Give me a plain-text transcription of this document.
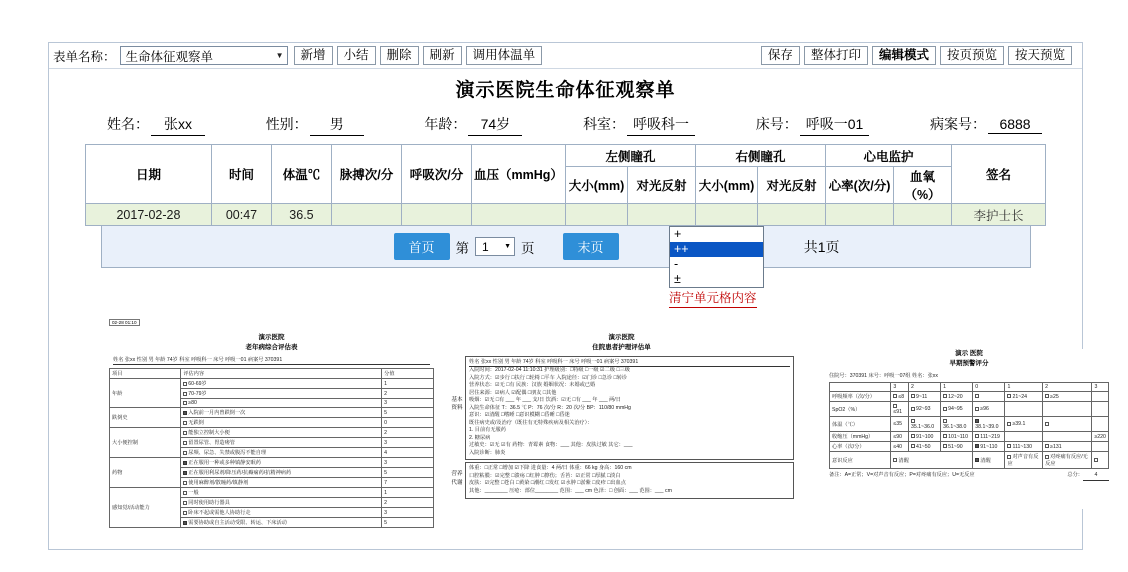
表单名称： 生命体征观察单	▼	新增	小结	删除	刷新	调用体温单	保存	整体打印	编辑模式	按页预览	按天预览
演示医院生命体征观察单
姓名：	张xx	性别：	男	年龄：	74岁	科室： 呼吸科一	床号： 呼吸一01	病案号： 6888
日期	时间	体温℃	脉搏次/分	呼吸次/分	血压（mmHg）	左侧瞳孔		右侧瞳孔		心电监护		签名
						大小(mm)	对光反射	大小(mm)	对光反射	心率(次/分)	血氧（%）	
2017-02-28	00:47	36.5										李护士长
首页	第 1 ▼ 页	末页	共1页
+
++
-
±
清宁单元格内容
02-28 01:10
演示医院
老年病综合评估表
姓名 张xx 性别 男 年龄 74岁 科室 呼吸科一 床号 呼吸一01 病案号 370391
项目	评估内容	分值
年龄	60-69岁	1
	70-79岁	2
	≥80	3
跌倒史	入院前一月内曾跌倒一次	5
	无跌倒	0
大小便控制	能独立控制大小便	2
	留置尿管、胃造瘘管	3
	尿频、尿急、失禁或腹泻不能自理	4
药物	正在服用一种或多种镇静安眠药	3
	正在服用利尿剂/降压药/抗癫痫药/抗精神病药	5
	使用麻醉剂/散瞳药/镇静剂	7
感知觉/活动能力	一般	1
	同时使用助行器具	2
	卧床不起或需他人协助行走	3
	需要协助或自主活动受限、转运、下床活动	5
演示医院
住院患者护理评估单
基本资料
姓名 张xx 性别 男 年龄 74岁 科室 呼吸科一 床号 呼吸一01 病案号 370391
入院时间：2017-02-04 11:10:31 护理级别：□特级 □一级 ☑二级 □三级
入院方式：☑步行 □扶行 □轮椅 □平车 入院途径：☑门诊 □急诊 □转诊
营养状态：☑无 □有 民族：汉族 婚姻状况：未婚或已婚
居住来源：☑病人 ☑配偶 □朋友 □其他
吸烟：☑无 □有 ___ 年 ___ 支/日 饮酒：☑无 □有 ___ 年 ___ 两/日
入院生命体征 T：36.5 ℃ P：76 次/分 R：20 次/分 BP：110/80 mmHg
意识：☑清醒 □嗜睡 □意识模糊 □昏睡 □昏迷
既往病史或/及治疗（既往有无特殊疾病及相关治疗）：
1. 目前有无服药
2. 糖尿病
过敏史：☑无 ☑有 药物：青霉素 食物：___ 其他：皮肤过敏 其它：___
入院诊断：肺炎
营养代谢
体重：□正常 □增加 ☑下降 进食量：4 两/日 体重：66 kg 身高：160 cm
口腔粘膜：☑完整 □溃疡 □红肿 □擦伤；舌苔：☑正常 □厚腻 □淡白
皮肤：☑完整 □苍白 □黄染 □潮红 □发红 ☑水肿 □淤紫 □皮疹 □出血点
其他：________ 压疮：部位________ 范围：___ cm 色泽：□ 创面：___ 范围：___ cm
演示 医院
早期预警评分
住院号：370391 床号：呼吸一07组 姓名：张xx
	3	2	1	0	1	2	3
呼吸频率（次/分）	≤8	9~11	12~20		21~24	≥25	
SpO2（%）	≤91	92~93	94~95	≥96			
体温（℃）	≤35	35.1~36.0	36.1~38.0	38.1~39.0	≥39.1		
收缩压（mmHg）	≤90	91~100	101~110	111~219			≥220
心率（次/分）	≤40	41~50	51~90	91~110	111~130	≥131	
意识反应	清醒			清醒	对声音有反应	对疼痛有反应/无反应	
备注：A=正常；V=对声音有反应；P=对疼痛有反应；U=无反应	总分： 4
